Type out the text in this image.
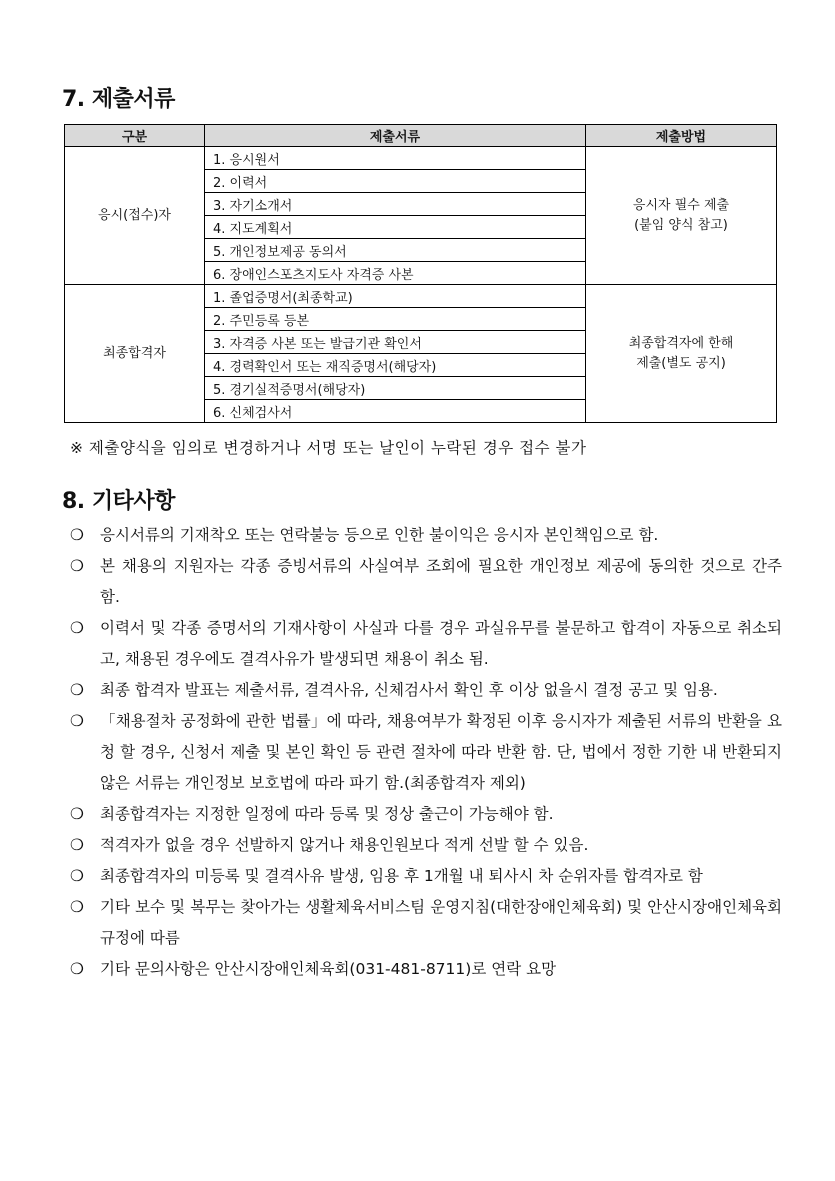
7. 제출서류
구분	제출서류	제출방법
응시(접수)자	1. 응시원서	응시자 필수 제출
(붙임 양식 참고)

	2. 이력서	
	3. 자기소개서	
	4. 지도계획서	
	5. 개인정보제공 동의서	
	6. 장애인스포츠지도사 자격증 사본	
최종합격자	1. 졸업증명서(최종학교)	최종합격자에 한해
제출(별도 공지)

	2. 주민등록 등본	
	3. 자격증 사본 또는 발급기관 확인서	
	4. 경력확인서 또는 재직증명서(해당자)	
	5. 경기실적증명서(해당자)	
	6. 신체검사서	
※ 제출양식을 임의로 변경하거나 서명 또는 날인이 누락된 경우 접수 불가
8. 기타사항
❍ 응시서류의 기재착오 또는 연락불능 등으로 인한 불이익은 응시자 본인책임으로 함.
❍ 본 채용의 지원자는 각종 증빙서류의 사실여부 조회에 필요한 개인정보 제공에 동의한 것으로 간주 함.
❍ 이력서 및 각종 증명서의 기재사항이 사실과 다를 경우 과실유무를 불문하고 합격이 자동으로 취소되고, 채용된 경우에도 결격사유가 발생되면 채용이 취소 됨.
❍ 최종 합격자 발표는 제출서류, 결격사유, 신체검사서 확인 후 이상 없을시 결정 공고 및 임용.
❍ 「채용절차 공정화에 관한 법률」에 따라, 채용여부가 확정된 이후 응시자가 제출된 서류의 반환을 요청 할 경우, 신청서 제출 및 본인 확인 등 관련 절차에 따라 반환 함. 단, 법에서 정한 기한 내 반환되지 않은 서류는 개인정보 보호법에 따라 파기 함.(최종합격자 제외)
❍ 최종합격자는 지정한 일정에 따라 등록 및 정상 출근이 가능해야 함.
❍ 적격자가 없을 경우 선발하지 않거나 채용인원보다 적게 선발 할 수 있음.
❍ 최종합격자의 미등록 및 결격사유 발생, 임용 후 1개월 내 퇴사시 차 순위자를 합격자로 함
❍ 기타 보수 및 복무는 찾아가는 생활체육서비스팀 운영지침(대한장애인체육회) 및 안산시장애인체육회 규정에 따름
❍ 기타 문의사항은 안산시장애인체육회(031-481-8711)로 연락 요망
